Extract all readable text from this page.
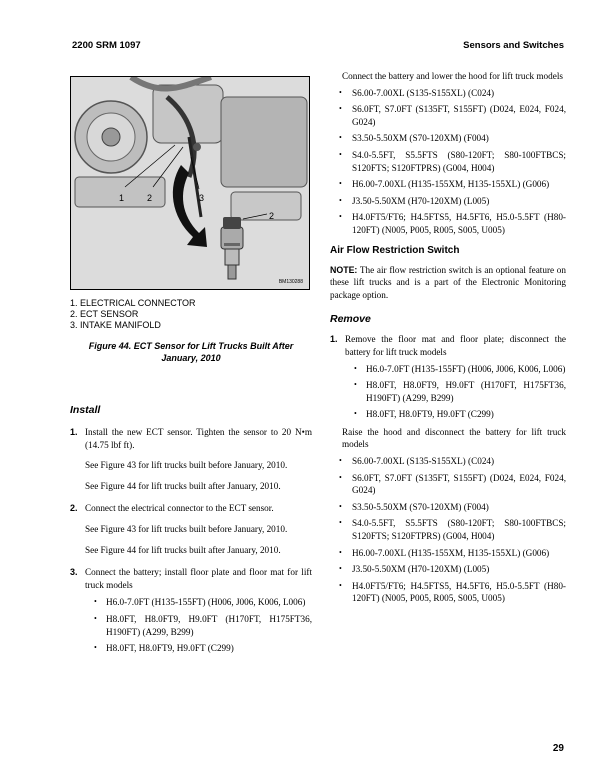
2200 SRM 1097	Sensors and Switches
1	2	3
2
BM130288
1. ELECTRICAL CONNECTOR
2. ECT SENSOR
3. INTAKE MANIFOLD
Figure 44. ECT Sensor for Lift Trucks Built After January, 2010
Install
1. Install the new ECT sensor. Tighten the sensor to 20 N•m (14.75 lbf ft).
See Figure 43 for lift trucks built before January, 2010.
See Figure 44 for lift trucks built after January, 2010.
2. Connect the electrical connector to the ECT sensor.
See Figure 43 for lift trucks built before January, 2010.
See Figure 44 for lift trucks built after January, 2010.
3. Connect the battery; install floor plate and floor mat for lift truck models
• H6.0-7.0FT (H135-155FT) (H006, J006, K006, L006)
• H8.0FT, H8.0FT9, H9.0FT (H170FT, H175FT36, H190FT) (A299, B299)
• H8.0FT, H8.0FT9, H9.0FT (C299)
Connect the battery and lower the hood for lift truck models
• S6.00-7.00XL (S135-S155XL) (C024)
• S6.0FT, S7.0FT (S135FT, S155FT) (D024, E024, F024, G024)
• S3.50-5.50XM (S70-120XM) (F004)
• S4.0-5.5FT, S5.5FTS (S80-120FT; S80-100FTBCS; S120FTS; S120FTPRS) (G004, H004)
• H6.00-7.00XL (H135-155XM, H135-155XL) (G006)
• J3.50-5.50XM (H70-120XM) (L005)
• H4.0FT5/FT6; H4.5FTS5, H4.5FT6, H5.0-5.5FT (H80-120FT) (N005, P005, R005, S005, U005)
Air Flow Restriction Switch
NOTE: The air flow restriction switch is an optional feature on these lift trucks and is a part of the Electronic Monitoring package option.
Remove
1. Remove the floor mat and floor plate; disconnect the battery for lift truck models
• H6.0-7.0FT (H135-155FT) (H006, J006, K006, L006)
• H8.0FT, H8.0FT9, H9.0FT (H170FT, H175FT36, H190FT) (A299, B299)
• H8.0FT, H8.0FT9, H9.0FT (C299)
Raise the hood and disconnect the battery for lift truck models
• S6.00-7.00XL (S135-S155XL) (C024)
• S6.0FT, S7.0FT (S135FT, S155FT) (D024, E024, F024, G024)
• S3.50-5.50XM (S70-120XM) (F004)
• S4.0-5.5FT, S5.5FTS (S80-120FT; S80-100FTBCS; S120FTS; S120FTPRS) (G004, H004)
• H6.00-7.00XL (H135-155XM, H135-155XL) (G006)
• J3.50-5.50XM (H70-120XM) (L005)
• H4.0FT5/FT6; H4.5FTS5, H4.5FT6, H5.0-5.5FT (H80-120FT) (N005, P005, R005, S005, U005)
29
